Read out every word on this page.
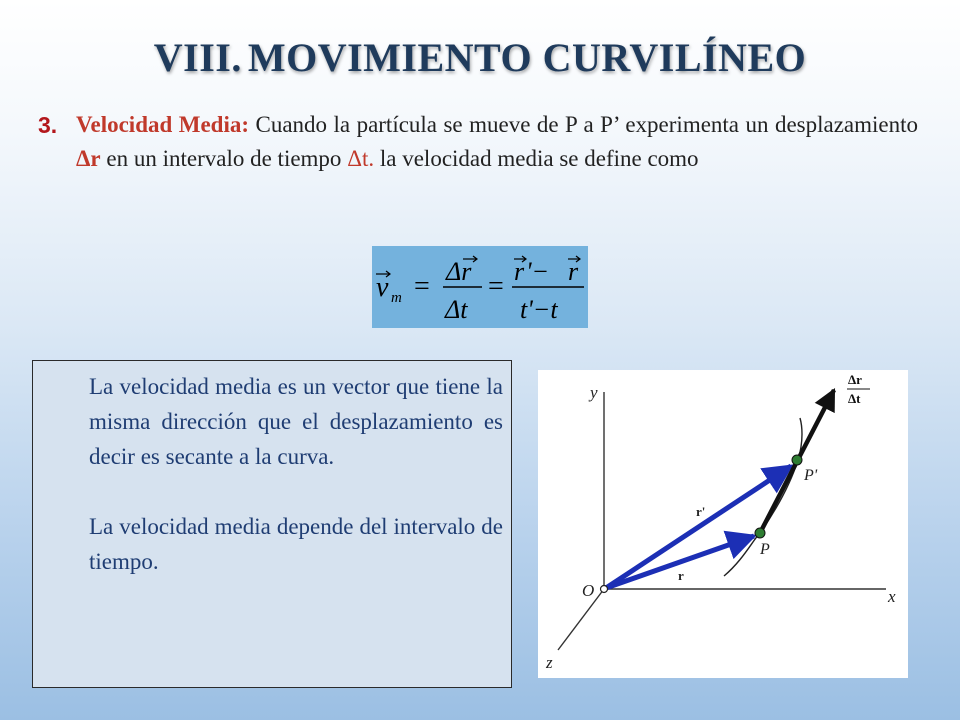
VIII. MOVIMIENTO CURVILÍNEO
3. Velocidad Media: Cuando la partícula se mueve de P a P’ experimenta un desplazamiento Δr en un intervalo de tiempo Δt. la velocidad media se define como
v m = Δr
Δt
= r '− r
t'−t

La velocidad media es un vector que tiene la misma dirección que el desplazamiento es decir es secante a la curva.

La velocidad media depende del intervalo de tiempo.

y
x
z
O
P
P'
r
r'
Δr
Δt
